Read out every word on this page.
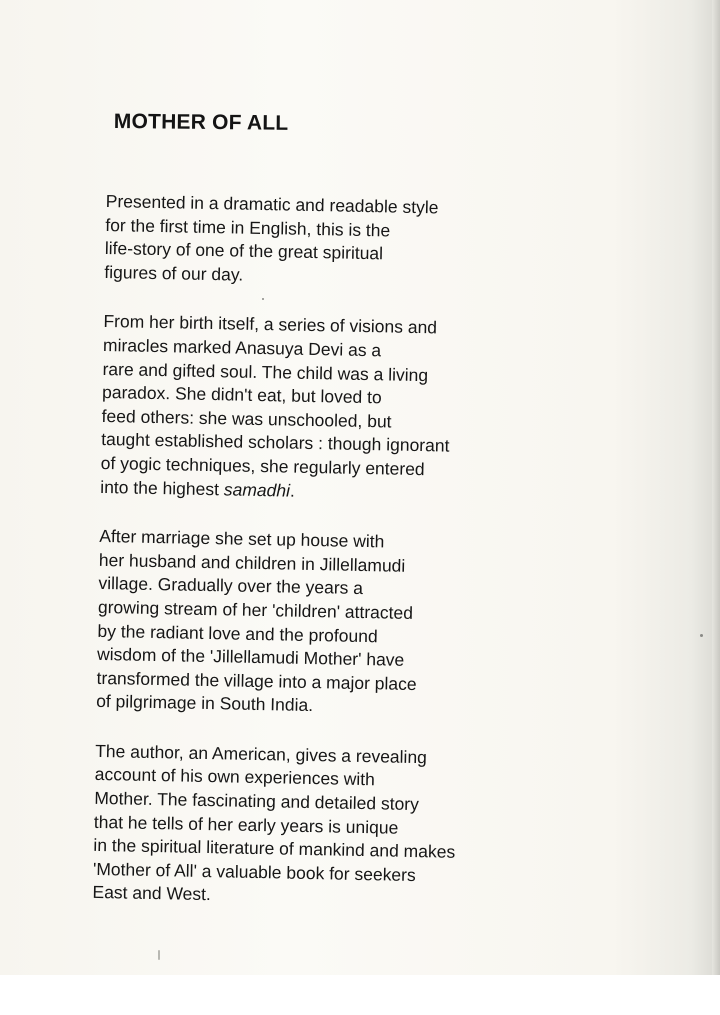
MOTHER OF ALL

Presented in a dramatic and readable style
for the first time in English, this is the
life-story of one of the great spiritual
figures of our day.

From her birth itself, a series of visions and
miracles marked Anasuya Devi as a
rare and gifted soul. The child was a living
paradox. She didn't eat, but loved to
feed others: she was unschooled, but
taught established scholars : though ignorant
of yogic techniques, she regularly entered
into the highest samadhi.

After marriage she set up house with
her husband and children in Jillellamudi
village. Gradually over the years a
growing stream of her 'children' attracted
by the radiant love and the profound
wisdom of the 'Jillellamudi Mother' have
transformed the village into a major place
of pilgrimage in South India.

The author, an American, gives a revealing
account of his own experiences with
Mother. The fascinating and detailed story
that he tells of her early years is unique
in the spiritual literature of mankind and makes
'Mother of All' a valuable book for seekers
East and West.
